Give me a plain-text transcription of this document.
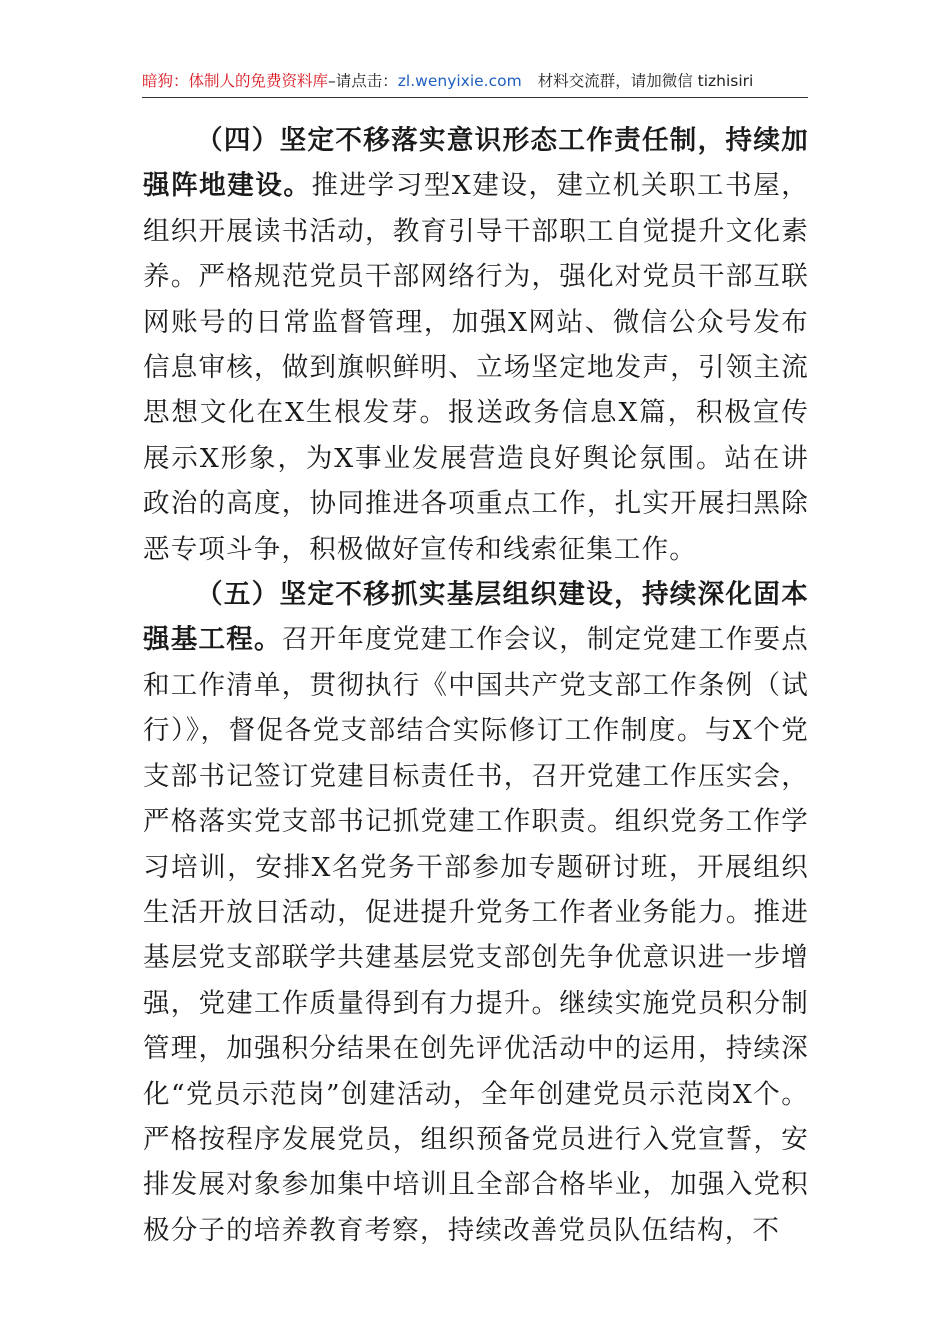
暗狗：体制人的免费资料库–请点击：zl.wenyixie.com 材料交流群，请加微信 tizhisiri

（四）坚定不移落实意识形态工作责任制，持续加强阵地建设。推进学习型X建设，建立机关职工书屋，组织开展读书活动，教育引导干部职工自觉提升文化素养。严格规范党员干部网络行为，强化对党员干部互联网账号的日常监督管理，加强X网站、微信公众号发布信息审核，做到旗帜鲜明、立场坚定地发声，引领主流思想文化在X生根发芽。报送政务信息X篇，积极宣传展示X形象，为X事业发展营造良好舆论氛围。站在讲政治的高度，协同推进各项重点工作，扎实开展扫黑除恶专项斗争，积极做好宣传和线索征集工作。

（五）坚定不移抓实基层组织建设，持续深化固本强基工程。召开年度党建工作会议，制定党建工作要点和工作清单，贯彻执行《中国共产党支部工作条例（试行）》，督促各党支部结合实际修订工作制度。与X个党支部书记签订党建目标责任书，召开党建工作压实会，严格落实党支部书记抓党建工作职责。组织党务工作学习培训，安排X名党务干部参加专题研讨班，开展组织生活开放日活动，促进提升党务工作者业务能力。推进基层党支部联学共建基层党支部创先争优意识进一步增强，党建工作质量得到有力提升。继续实施党员积分制管理，加强积分结果在创先评优活动中的运用，持续深化“党员示范岗”创建活动，全年创建党员示范岗X个。严格按程序发展党员，组织预备党员进行入党宣誓，安排发展对象参加集中培训且全部合格毕业，加强入党积极分子的培养教育考察，持续改善党员队伍结构，不
